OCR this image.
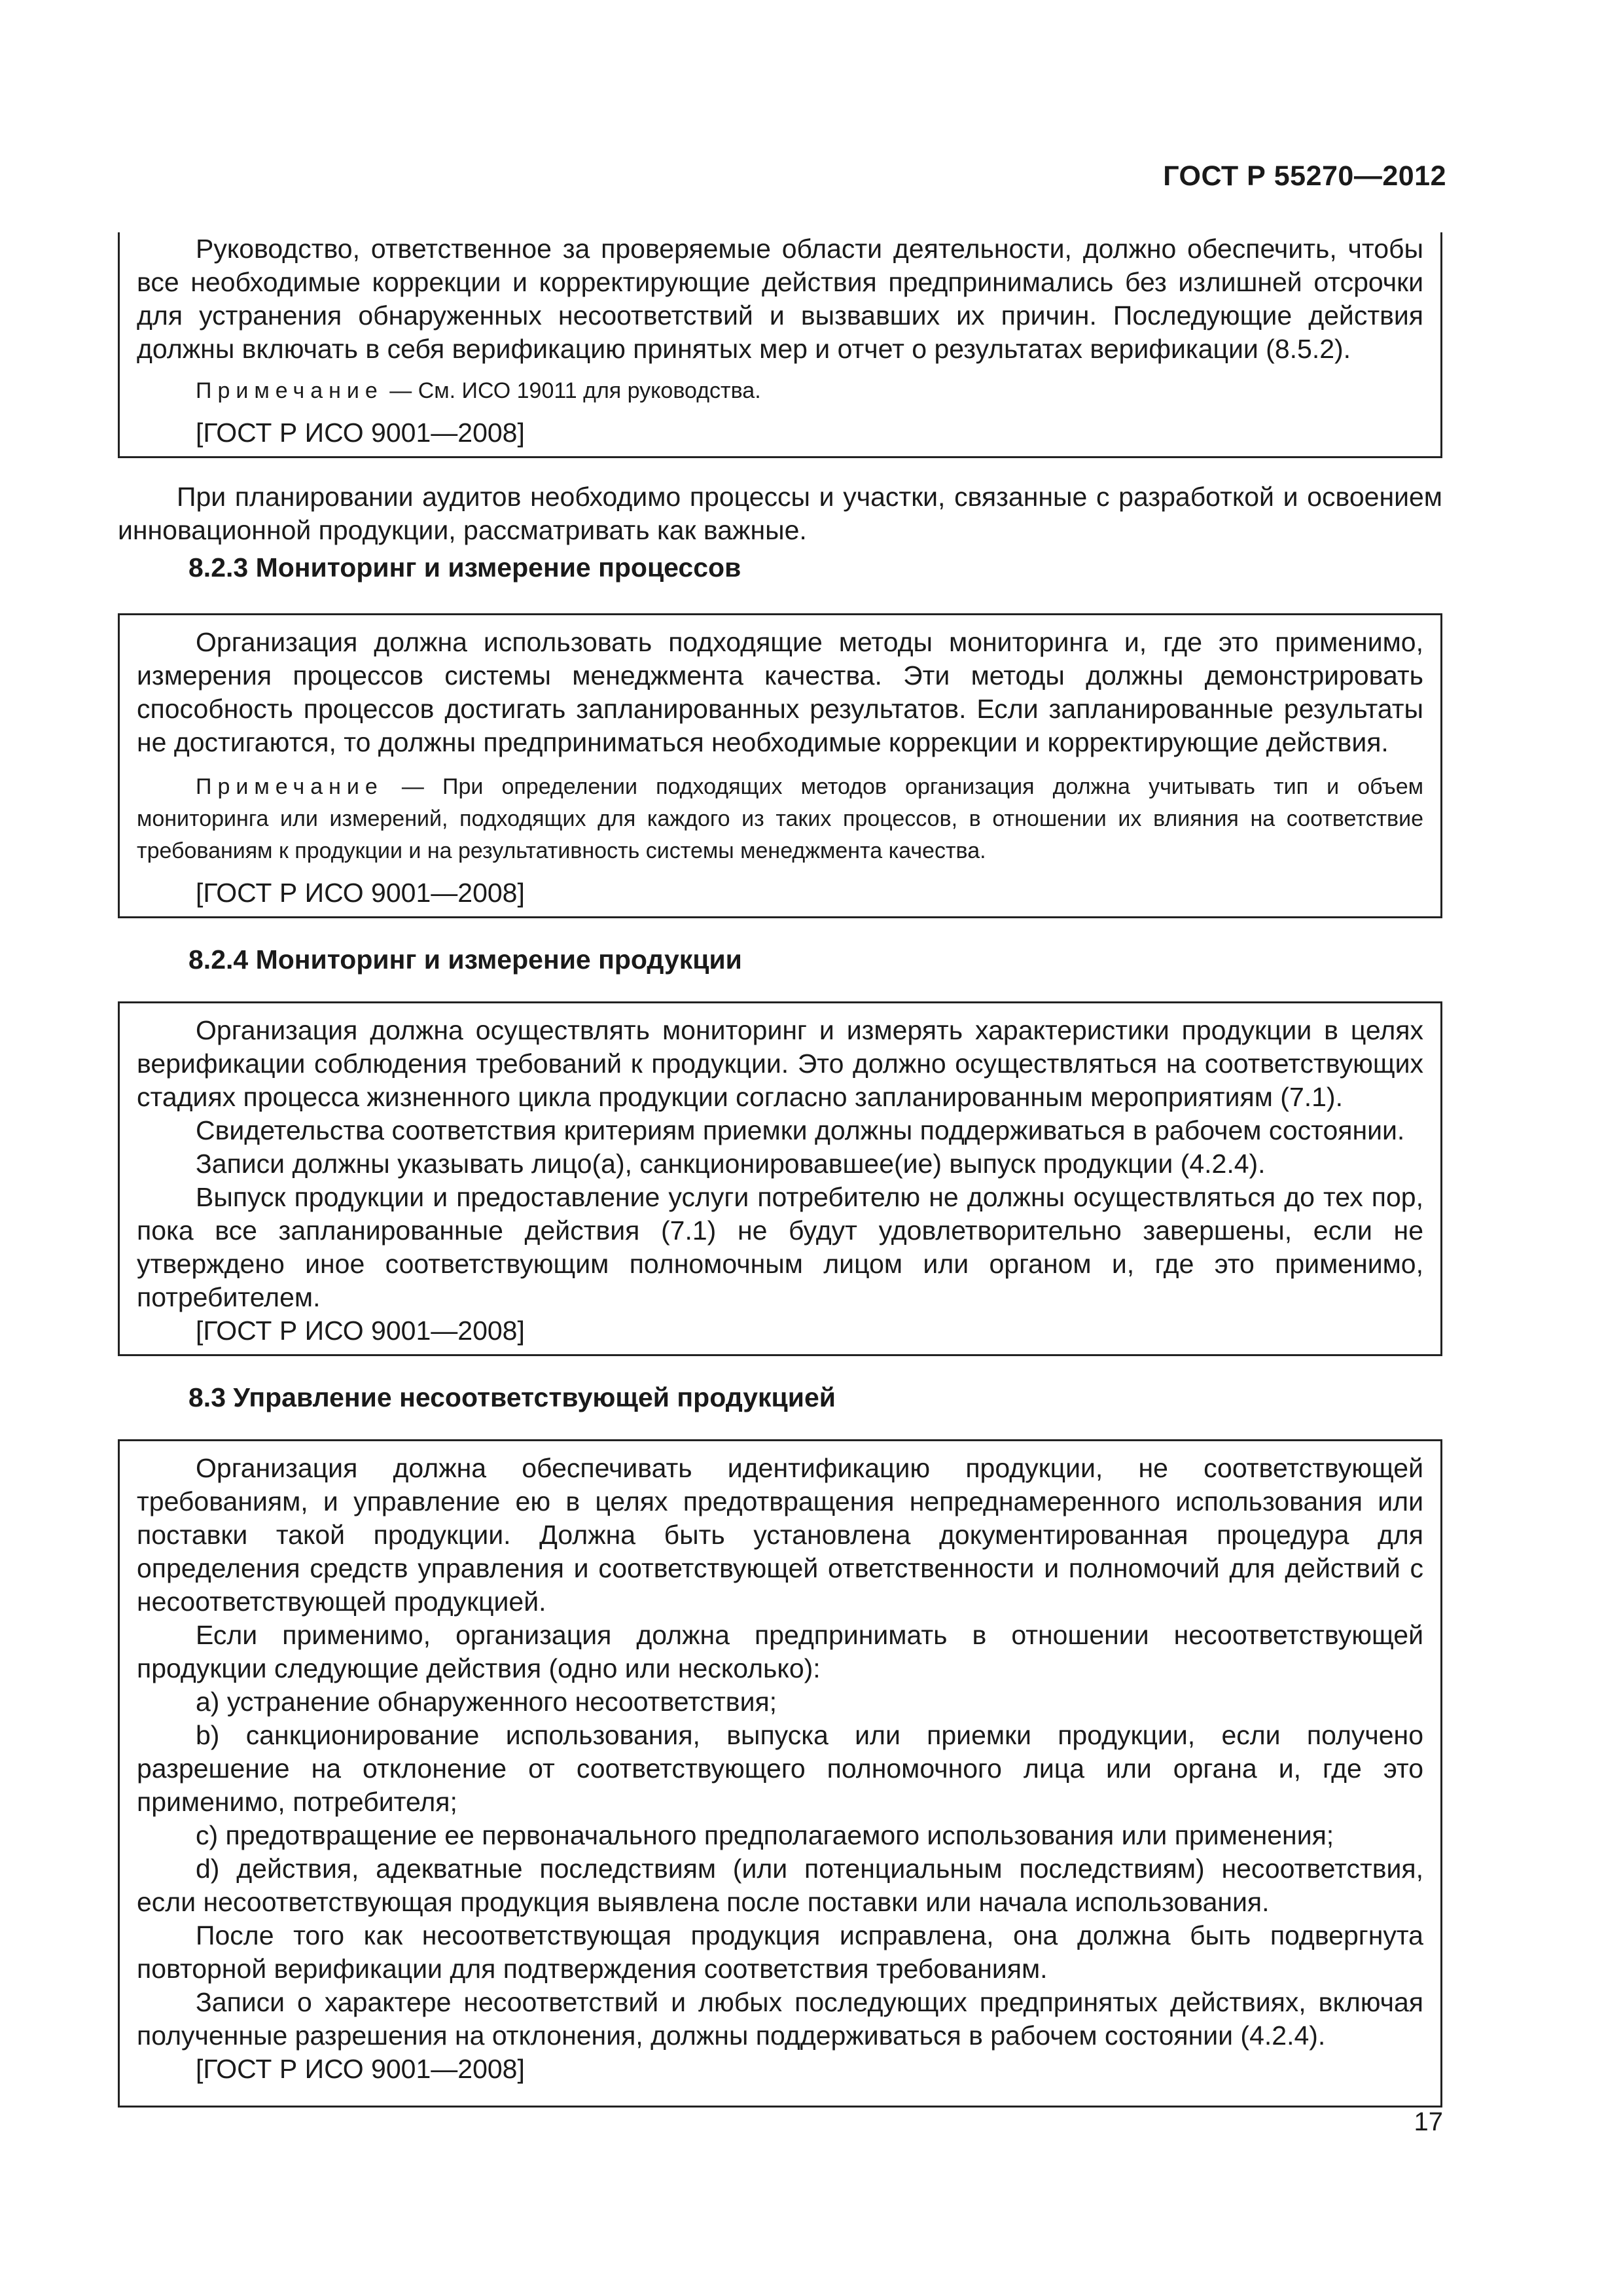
ГОСТ Р 55270—2012

Руководство, ответственное за проверяемые области деятельности, должно обеспечить, чтобы все необходимые коррекции и корректирующие действия предпринимались без излишней отсрочки для устранения обнаруженных несоответствий и вызвавших их причин. Последующие действия должны включать в себя верификацию принятых мер и отчет о результатах верификации (8.5.2).

Примечание — См. ИСО 19011 для руководства.

[ГОСТ Р ИСО 9001—2008]

При планировании аудитов необходимо процессы и участки, связанные с разработкой и освоением инновационной продукции, рассматривать как важные.

8.2.3 Мониторинг и измерение процессов

Организация должна использовать подходящие методы мониторинга и, где это применимо, измерения процессов системы менеджмента качества. Эти методы должны демонстрировать способность процессов достигать запланированных результатов. Если запланированные результаты не достигаются, то должны предприниматься необходимые коррекции и корректирующие действия.

Примечание — При определении подходящих методов организация должна учитывать тип и объем мониторинга или измерений, подходящих для каждого из таких процессов, в отношении их влияния на соответствие требованиям к продукции и на результативность системы менеджмента качества.

[ГОСТ Р ИСО 9001—2008]

8.2.4 Мониторинг и измерение продукции

Организация должна осуществлять мониторинг и измерять характеристики продукции в целях верификации соблюдения требований к продукции. Это должно осуществляться на соответствующих стадиях процесса жизненного цикла продукции согласно запланированным мероприятиям (7.1).

Свидетельства соответствия критериям приемки должны поддерживаться в рабочем состоянии.

Записи должны указывать лицо(а), санкционировавшее(ие) выпуск продукции (4.2.4).

Выпуск продукции и предоставление услуги потребителю не должны осуществляться до тех пор, пока все запланированные действия (7.1) не будут удовлетворительно завершены, если не утверждено иное соответствующим полномочным лицом или органом и, где это применимо, потребителем.

[ГОСТ Р ИСО 9001—2008]

8.3 Управление несоответствующей продукцией

Организация должна обеспечивать идентификацию продукции, не соответствующей требованиям, и управление ею в целях предотвращения непреднамеренного использования или поставки такой продукции. Должна быть установлена документированная процедура для определения средств управления и соответствующей ответственности и полномочий для действий с несоответствующей продукцией.

Если применимо, организация должна предпринимать в отношении несоответствующей продукции следующие действия (одно или несколько):

a) устранение обнаруженного несоответствия;

b) санкционирование использования, выпуска или приемки продукции, если получено разрешение на отклонение от соответствующего полномочного лица или органа и, где это применимо, потребителя;

c) предотвращение ее первоначального предполагаемого использования или применения;

d) действия, адекватные последствиям (или потенциальным последствиям) несоответствия, если несоответствующая продукция выявлена после поставки или начала использования.

После того как несоответствующая продукция исправлена, она должна быть подвергнута повторной верификации для подтверждения соответствия требованиям.

Записи о характере несоответствий и любых последующих предпринятых действиях, включая полученные разрешения на отклонения, должны поддерживаться в рабочем состоянии (4.2.4).

[ГОСТ Р ИСО 9001—2008]

17
